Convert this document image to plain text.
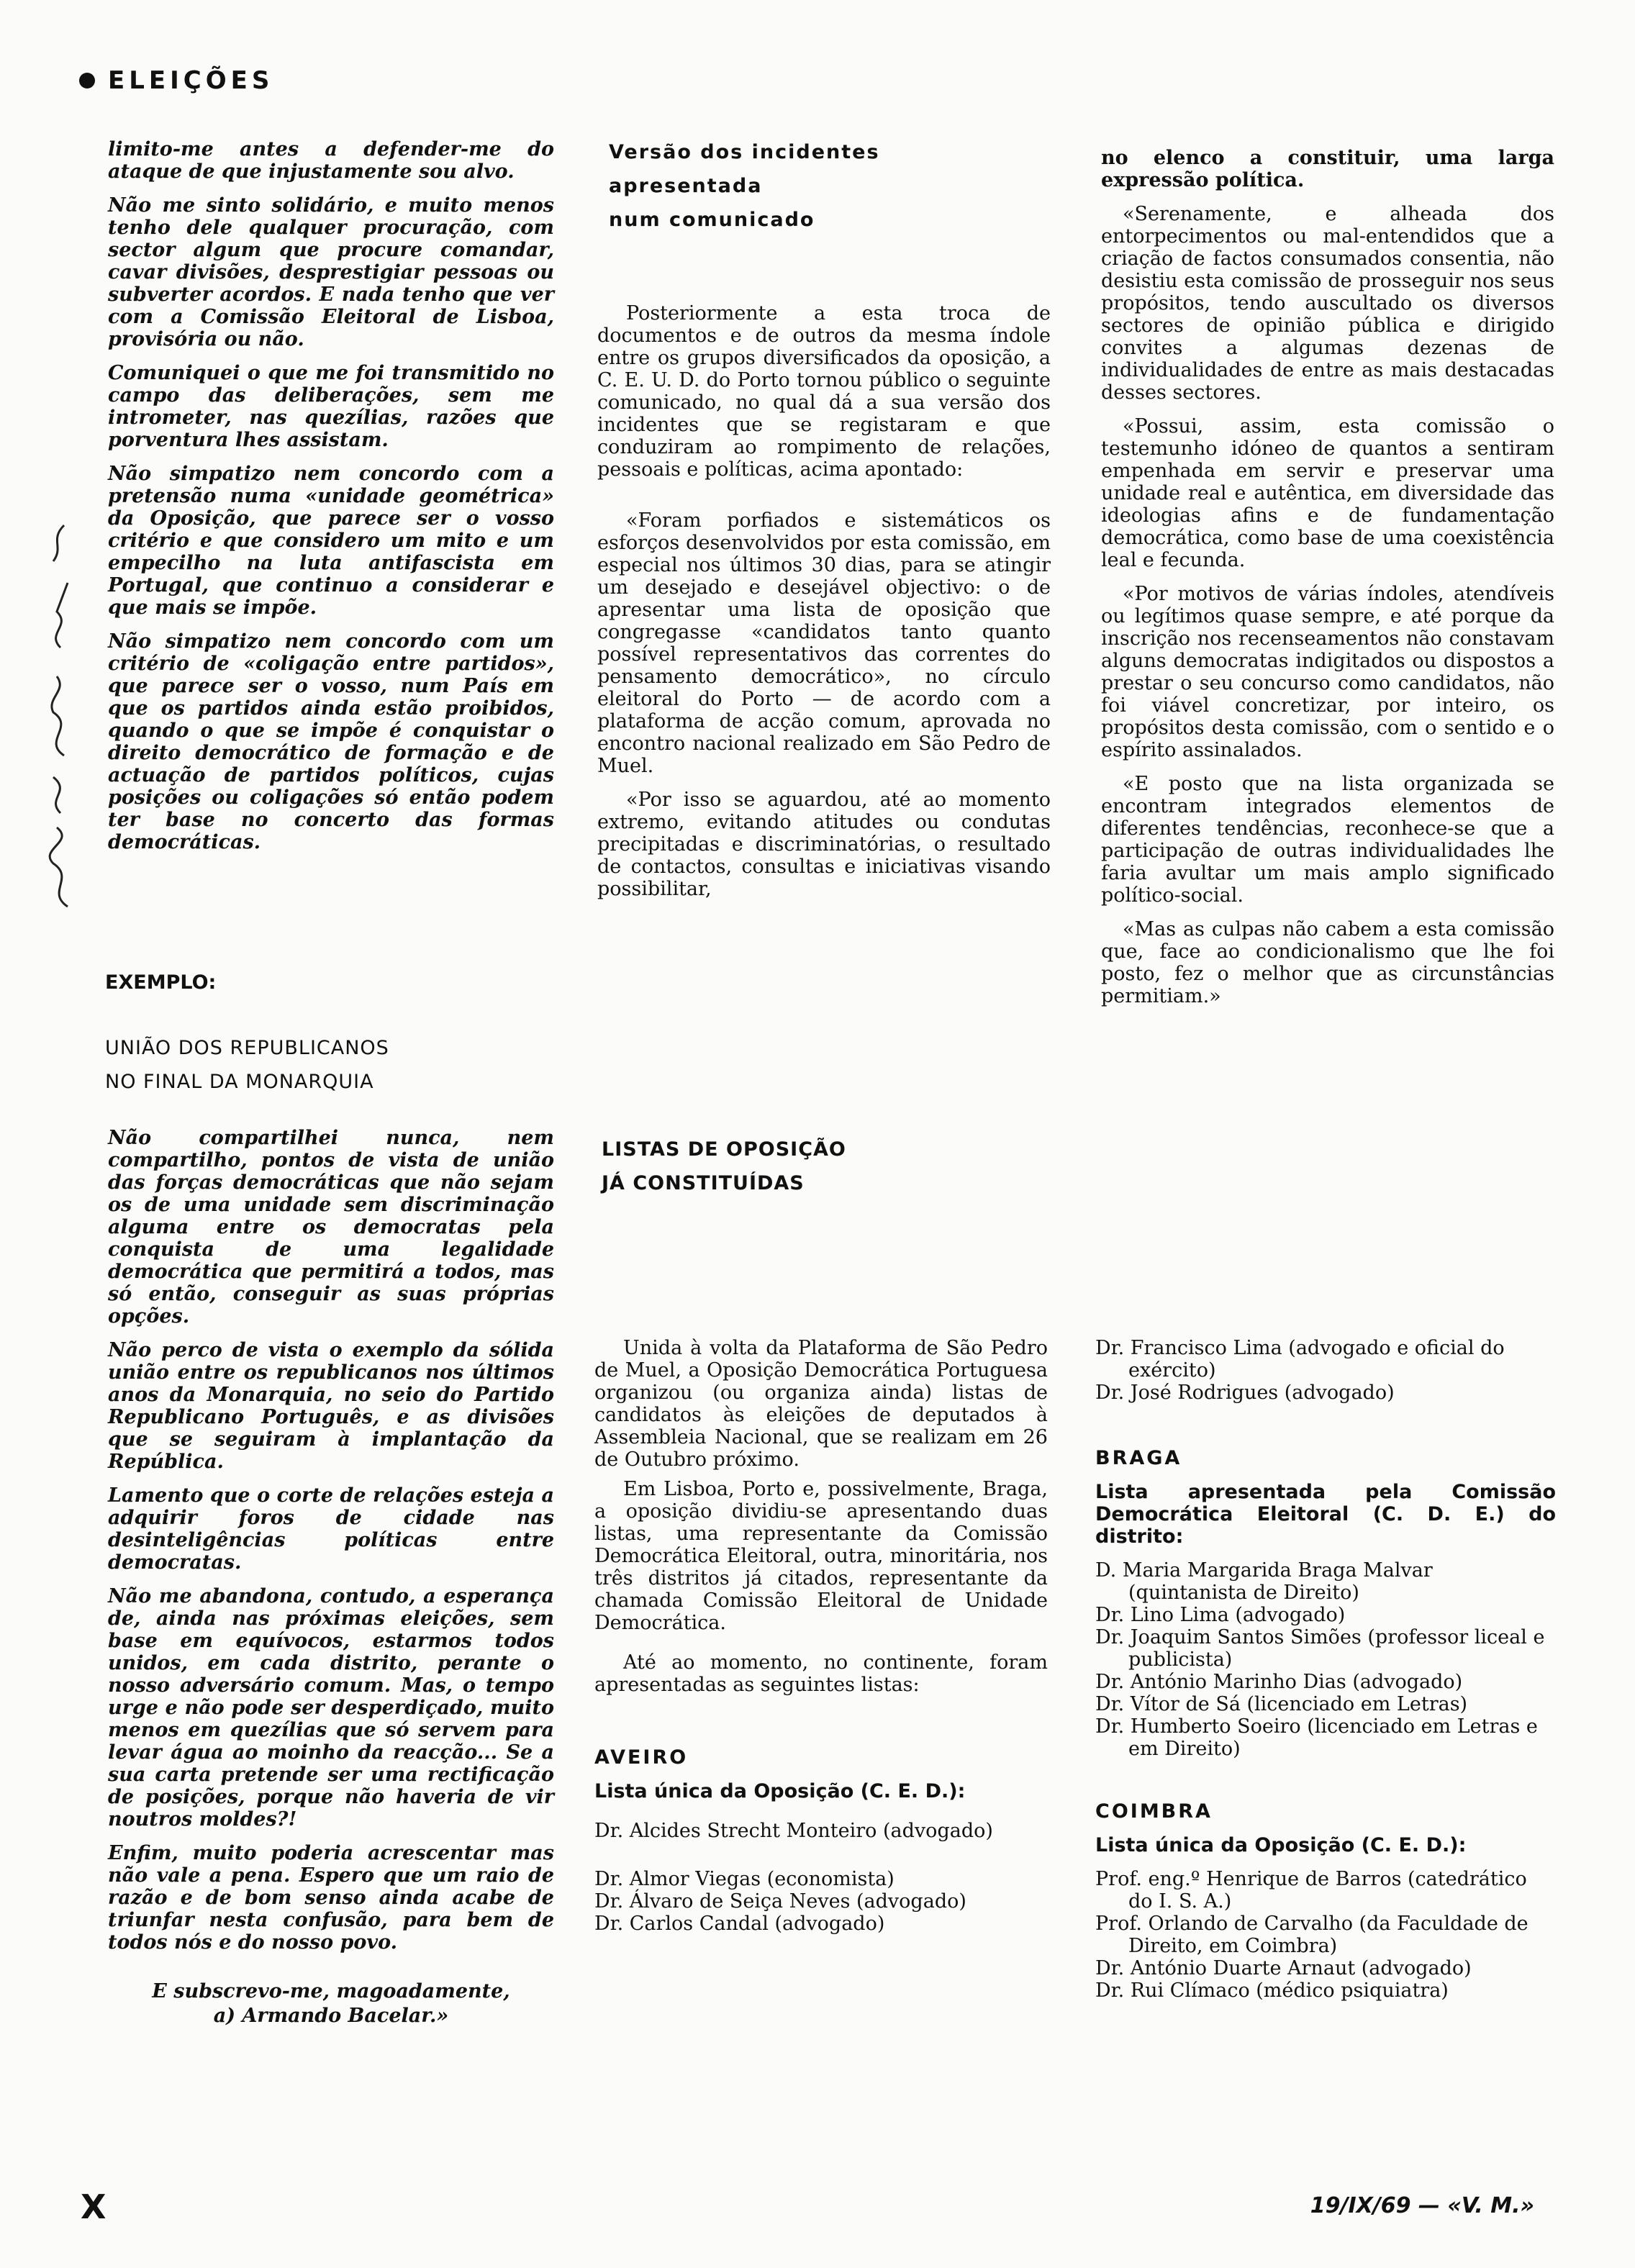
ELEIÇÕES

limito-me antes a defender-me do ataque de que injustamente sou alvo.

Não me sinto solidário, e muito menos tenho dele qualquer procuração, com sector algum que procure comandar, cavar divisões, desprestigiar pessoas ou subverter acordos. E nada tenho que ver com a Comissão Eleitoral de Lisboa, provisória ou não.

Comuniquei o que me foi transmitido no campo das deliberações, sem me intrometer, nas quezílias, razões que porventura lhes assistam.

Não simpatizo nem concordo com a pretensão numa «unidade geométrica» da Oposição, que parece ser o vosso critério e que considero um mito e um empecilho na luta antifascista em Portugal, que continuo a considerar e que mais se impõe.

Não simpatizo nem concordo com um critério de «coligação entre partidos», que parece ser o vosso, num País em que os partidos ainda estão proibidos, quando o que se impõe é conquistar o direito democrático de formação e de actuação de partidos políticos, cujas posições ou coligações só então podem ter base no concerto das formas democráticas.

EXEMPLO:

UNIÃO DOS REPUBLICANOS

NO FINAL DA MONARQUIA

Não compartilhei nunca, nem compartilho, pontos de vista de união das forças democráticas que não sejam os de uma unidade sem discriminação alguma entre os democratas pela conquista de uma legalidade democrática que permitirá a todos, mas só então, conseguir as suas próprias opções.

Não perco de vista o exemplo da sólida união entre os republicanos nos últimos anos da Monarquia, no seio do Partido Republicano Português, e as divisões que se seguiram à implantação da República.

Lamento que o corte de relações esteja a adquirir foros de cidade nas desinteligências políticas entre democratas.

Não me abandona, contudo, a esperança de, ainda nas próximas eleições, sem base em equívocos, estarmos todos unidos, em cada distrito, perante o nosso adversário comum. Mas, o tempo urge e não pode ser desperdiçado, muito menos em quezílias que só servem para levar água ao moinho da reacção... Se a sua carta pretende ser uma rectificação de posições, porque não haveria de vir noutros moldes?!

Enfim, muito poderia acrescentar mas não vale a pena. Espero que um raio de razão e de bom senso ainda acabe de triunfar nesta confusão, para bem de todos nós e do nosso povo.

E subscrevo-me, magoadamente,
a) Armando Bacelar.»

Versão dos incidentes

apresentada

num comunicado

Posteriormente a esta troca de documentos e de outros da mesma índole entre os grupos diversificados da oposição, a C. E. U. D. do Porto tornou público o seguinte comunicado, no qual dá a sua versão dos incidentes que se registaram e que conduziram ao rompimento de relações, pessoais e políticas, acima apontado:

«Foram porfiados e sistemáticos os esforços desenvolvidos por esta comissão, em especial nos últimos 30 dias, para se atingir um desejado e desejável objectivo: o de apresentar uma lista de oposição que congregasse «candidatos tanto quanto possível representativos das correntes do pensamento democrático», no círculo eleitoral do Porto — de acordo com a plataforma de acção comum, aprovada no encontro nacional realizado em São Pedro de Muel.

«Por isso se aguardou, até ao momento extremo, evitando atitudes ou condutas precipitadas e discriminatórias, o resultado de contactos, consultas e iniciativas visando possibilitar,

no elenco a constituir, uma larga expressão política.

«Serenamente, e alheada dos entorpecimentos ou mal-entendidos que a criação de factos consumados consentia, não desistiu esta comissão de prosseguir nos seus propósitos, tendo auscultado os diversos sectores de opinião pública e dirigido convites a algumas dezenas de individualidades de entre as mais destacadas desses sectores.

«Possui, assim, esta comissão o testemunho idóneo de quantos a sentiram empenhada em servir e preservar uma unidade real e autêntica, em diversidade das ideologias afins e de fundamentação democrática, como base de uma coexistência leal e fecunda.

«Por motivos de várias índoles, atendíveis ou legítimos quase sempre, e até porque da inscrição nos recenseamentos não constavam alguns democratas indigitados ou dispostos a prestar o seu concurso como candidatos, não foi viável concretizar, por inteiro, os propósitos desta comissão, com o sentido e o espírito assinalados.

«E posto que na lista organizada se encontram integrados elementos de diferentes tendências, reconhece-se que a participação de outras individualidades lhe faria avultar um mais amplo significado político-social.

«Mas as culpas não cabem a esta comissão que, face ao condicionalismo que lhe foi posto, fez o melhor que as circunstâncias permitiam.»

LISTAS DE OPOSIÇÃO

JÁ CONSTITUÍDAS

Unida à volta da Plataforma de São Pedro de Muel, a Oposição Democrática Portuguesa organizou (ou organiza ainda) listas de candidatos às eleições de deputados à Assembleia Nacional, que se realizam em 26 de Outubro próximo.

Em Lisboa, Porto e, possivelmente, Braga, a oposição dividiu-se apresentando duas listas, uma representante da Comissão Democrática Eleitoral, outra, minoritária, nos três distritos já citados, representante da chamada Comissão Eleitoral de Unidade Democrática.

Até ao momento, no continente, foram apresentadas as seguintes listas:

AVEIRO

Lista única da Oposição (C. E. D.):

Dr. Alcides Strecht Monteiro (advogado)
Dr. Almor Viegas (economista)
Dr. Álvaro de Seiça Neves (advogado)
Dr. Carlos Candal (advogado)
Dr. Francisco Lima (advogado e oficial do exército)
Dr. José Rodrigues (advogado)

BRAGA

Lista apresentada pela Comissão Democrática Eleitoral (C. D. E.) do distrito:

D. Maria Margarida Braga Malvar (quintanista de Direito)
Dr. Lino Lima (advogado)
Dr. Joaquim Santos Simões (professor liceal e publicista)
Dr. António Marinho Dias (advogado)
Dr. Vítor de Sá (licenciado em Letras)
Dr. Humberto Soeiro (licenciado em Letras e em Direito)

COIMBRA

Lista única da Oposição (C. E. D.):

Prof. eng.º Henrique de Barros (catedrático do I. S. A.)
Prof. Orlando de Carvalho (da Faculdade de Direito, em Coimbra)
Dr. António Duarte Arnaut (advogado)
Dr. Rui Clímaco (médico psiquiatra)
X	19/IX/69 — «V. M.»
